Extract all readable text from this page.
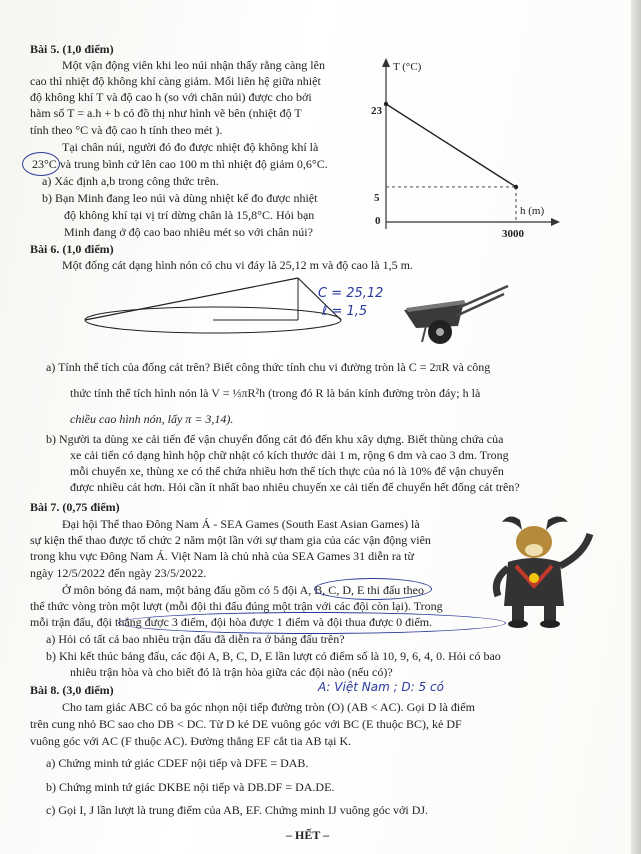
Bài 5. (1,0 điểm)
Một vận động viên khi leo núi nhận thấy rằng càng lên
cao thì nhiệt độ không khí càng giảm. Mối liên hệ giữa nhiệt
độ không khí T và độ cao h (so với chân núi) được cho bởi
hàm số T = a.h + b có đồ thị như hình vẽ bên (nhiệt độ T
tính theo °C và độ cao h tính theo mét ).
Tại chân núi, người đó đo được nhiệt độ không khí là
23°C và trung bình cứ lên cao 100 m thì nhiệt độ giảm 0,6°C.
a) Xác định a,b trong công thức trên.
b) Bạn Minh đang leo núi và dùng nhiệt kế đo được nhiệt
độ không khí tại vị trí dừng chân là 15,8°C. Hỏi bạn
Minh đang ở độ cao bao nhiêu mét so với chân núi?
T (°C)
h (m)
23
5
0
3000
Bài 6. (1,0 điểm)
Một đống cát dạng hình nón có chu vi đáy là 25,12 m và độ cao là 1,5 m.
C = 25,12
ℓ = 1,5
a) Tính thể tích của đống cát trên? Biết công thức tính chu vi đường tròn là C = 2πR và công
thức tính thể tích hình nón là V = ⅓πR²h (trong đó R là bán kính đường tròn đáy; h là
chiều cao hình nón, lấy π = 3,14).
b) Người ta dùng xe cải tiến để vận chuyển đống cát đó đến khu xây dựng. Biết thùng chứa của
xe cải tiến có dạng hình hộp chữ nhật có kích thước dài 1 m, rộng 6 dm và cao 3 dm. Trong
mỗi chuyến xe, thùng xe có thể chứa nhiều hơn thể tích thực của nó là 10% để vận chuyển
được nhiều cát hơn. Hỏi cần ít nhất bao nhiêu chuyến xe cải tiến để chuyển hết đống cát trên?
Bài 7. (0,75 điểm)
Đại hội Thể thao Đông Nam Á - SEA Games (South East Asian Games) là
sự kiện thể thao được tổ chức 2 năm một lần với sự tham gia của các vận động viên
trong khu vực Đông Nam Á. Việt Nam là chủ nhà của SEA Games 31 diễn ra từ
ngày 12/5/2022 đến ngày 23/5/2022.
Ở môn bóng đá nam, một bảng đấu gồm có 5 đội A, B, C, D, E thi đấu theo
thể thức vòng tròn một lượt (mỗi đội thi đấu đúng một trận với các đội còn lại). Trong
mỗi trận đấu, đội thắng được 3 điểm, đội hòa được 1 điểm và đội thua được 0 điểm.
a) Hỏi có tất cả bao nhiêu trận đấu đã diễn ra ở bảng đấu trên?
b) Khi kết thúc bảng đấu, các đội A, B, C, D, E lần lượt có điểm số là 10, 9, 6, 4, 0. Hỏi có bao
nhiêu trận hòa và cho biết đó là trận hòa giữa các đội nào (nếu có)?
A: Việt Nam ; D: 5 có
Bài 8. (3,0 điểm)
Cho tam giác ABC có ba góc nhọn nội tiếp đường tròn (O) (AB < AC). Gọi D là điểm
trên cung nhỏ BC sao cho DB < DC. Từ D kẻ DE vuông góc với BC (E thuộc BC), kẻ DF
vuông góc với AC (F thuộc AC). Đường thẳng EF cắt tia AB tại K.
a) Chứng minh tứ giác CDEF nội tiếp và DFE = DAB.
b) Chứng minh tứ giác DKBE nội tiếp và DB.DF = DA.DE.
c) Gọi I, J lần lượt là trung điểm của AB, EF. Chứng minh IJ vuông góc với DJ.
– HẾT –
